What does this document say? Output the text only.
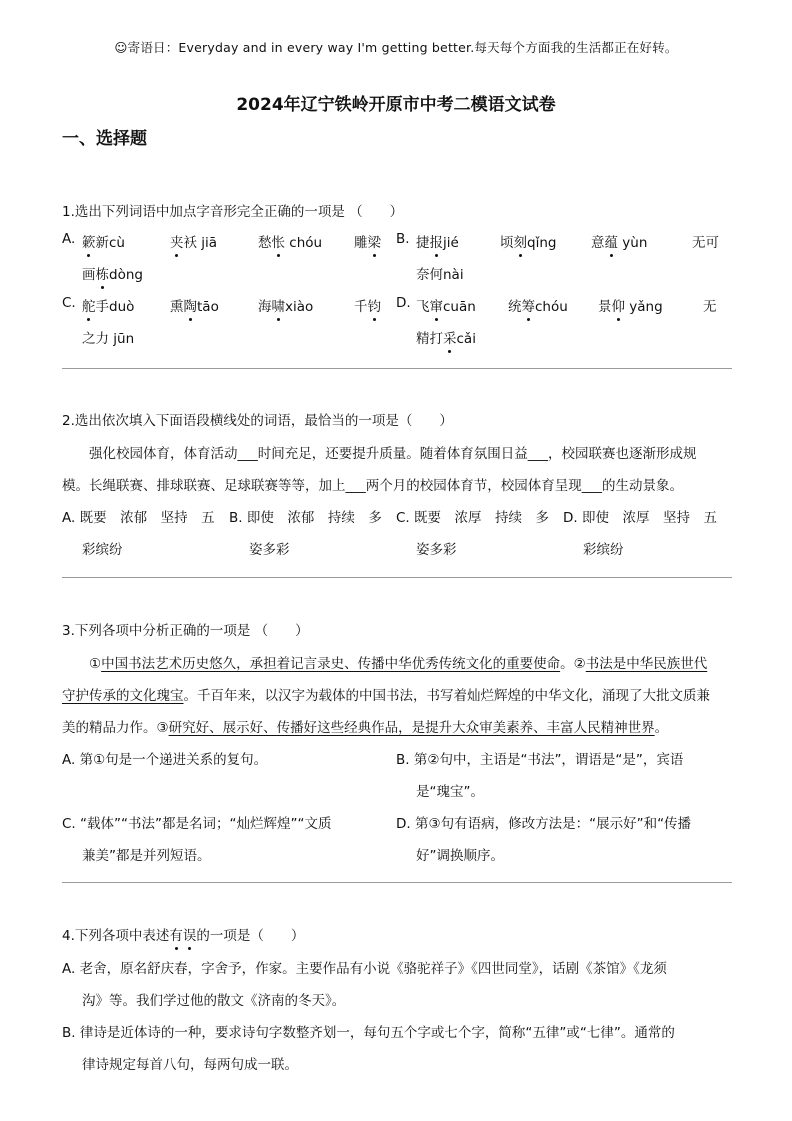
☺寄语日：Everyday and in every way I'm getting better.每天每个方面我的生活都正在好转。
2024年辽宁铁岭开原市中考二模语文试卷
一、选择题
1.选出下列词语中加点字音形完全正确的一项是 （　　）
A. 簌新cù	夹袄 jiā	愁怅 chóu 雕梁 B. 捷报jié	顷刻qǐng	意蕴 yùn	无可
画栋dòng	奈何nài
C. 舵手duò	熏陶tāo	海啸xiào	千钧 D. 飞窜cuān 统筹chóu 景仰 yǎng	无
之力 jūn	精打采cǎi
2.选出依次填入下面语段横线处的词语，最恰当的一项是（　　）
强化校园体育，体育活动___时间充足，还要提升质量。随着体育氛围日益___，校园联赛也逐渐形成规
模。长绳联赛、排球联赛、足球联赛等等，加上___两个月的校园体育节，校园体育呈现___的生动景象。
A. 既要　浓郁　坚持　五 B. 即使　浓郁　持续　多 C. 既要　浓厚　持续　多 D. 即使　浓厚　坚持　五
彩缤纷	姿多彩	姿多彩	彩缤纷
3.下列各项中分析正确的一项是 （　　）
①中国书法艺术历史悠久，承担着记言录史、传播中华优秀传统文化的重要使命。②书法是中华民族世代
守护传承的文化瑰宝。千百年来，以汉字为载体的中国书法，书写着灿烂辉煌的中华文化，涌现了大批文质兼
美的精品力作。③研究好、展示好、传播好这些经典作品，是提升大众审美素养、丰富人民精神世界。
A. 第①句是一个递进关系的复句。	B. 第②句中，主语是“书法”，谓语是“是”，宾语
是“瑰宝”。
C. “载体”“书法”都是名词；“灿烂辉煌”“文质	D. 第③句有语病，修改方法是：“展示好”和“传播
兼美”都是并列短语。	好”调换顺序。
4.下列各项中表述有误的一项是（　　）
A. 老舍，原名舒庆春，字舍予，作家。主要作品有小说《骆驼祥子》《四世同堂》，话剧《茶馆》《龙须
沟》等。我们学过他的散文《济南的冬天》。
B. 律诗是近体诗的一种，要求诗句字数整齐划一，每句五个字或七个字，简称“五律”或“七律”。通常的
律诗规定每首八句，每两句成一联。
